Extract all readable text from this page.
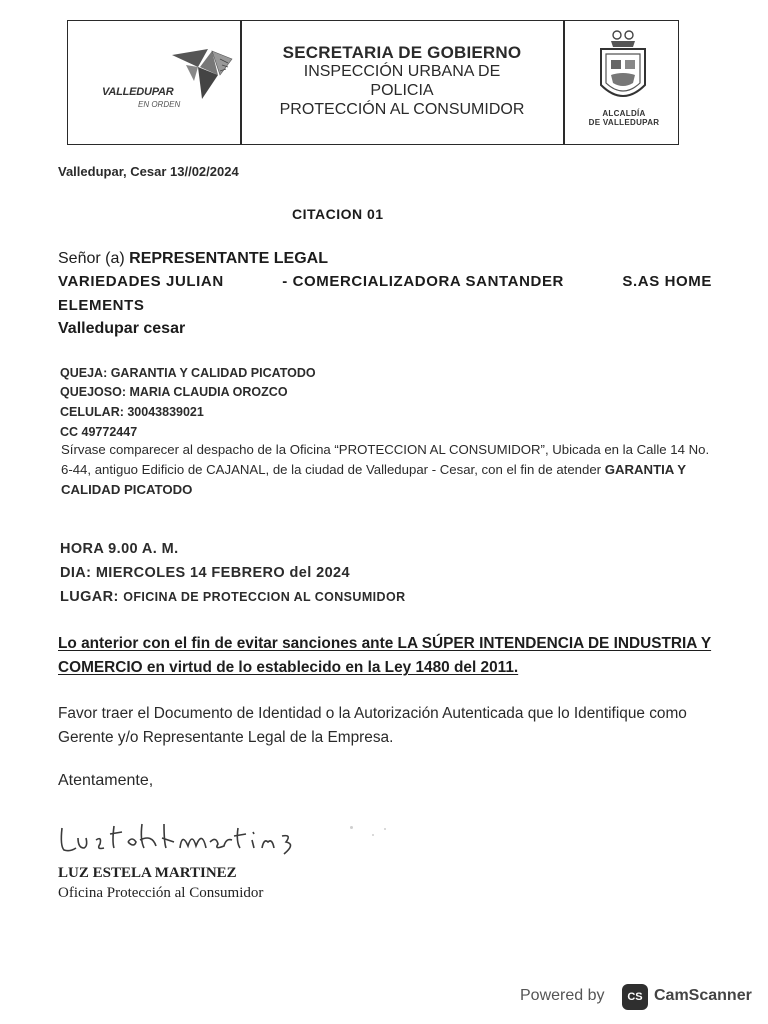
VALLEDUPAR
EN ORDEN
SECRETARIA DE GOBIERNO
INSPECCIÓN URBANA DE
POLICIA
PROTECCIÓN AL CONSUMIDOR	ALCALDÍA
DE VALLEDUPAR
Valledupar, Cesar 13//02/2024
CITACION 01
Señor (a) REPRESENTANTE LEGAL
VARIEDADES JULIAN	- COMERCIALIZADORA SANTANDER	S.AS HOME
ELEMENTS
Valledupar cesar
QUEJA: GARANTIA Y CALIDAD PICATODO
QUEJOSO: MARIA CLAUDIA OROZCO
CELULAR: 30043839021
CC 49772447
Sírvase comparecer al despacho de la Oficina “PROTECCION AL CONSUMIDOR”, Ubicada en la Calle 14 No. 6-44, antiguo Edificio de CAJANAL, de la ciudad de Valledupar - Cesar, con el fin de atender GARANTIA Y CALIDAD PICATODO
HORA 9.00 A. M.
DIA: MIERCOLES 14 FEBRERO del 2024
LUGAR: OFICINA DE PROTECCION AL CONSUMIDOR
Lo anterior con el fin de evitar sanciones ante LA SÚPER INTENDENCIA DE INDUSTRIA Y COMERCIO en virtud de lo establecido en la Ley 1480 del 2011.
Favor traer el Documento de Identidad o la Autorización Autenticada que lo Identifique como Gerente y/o Representante Legal de la Empresa.
Atentamente,
LUZ ESTELA MARTINEZ
Oficina Protección al Consumidor
Powered by	CS CamScanner
